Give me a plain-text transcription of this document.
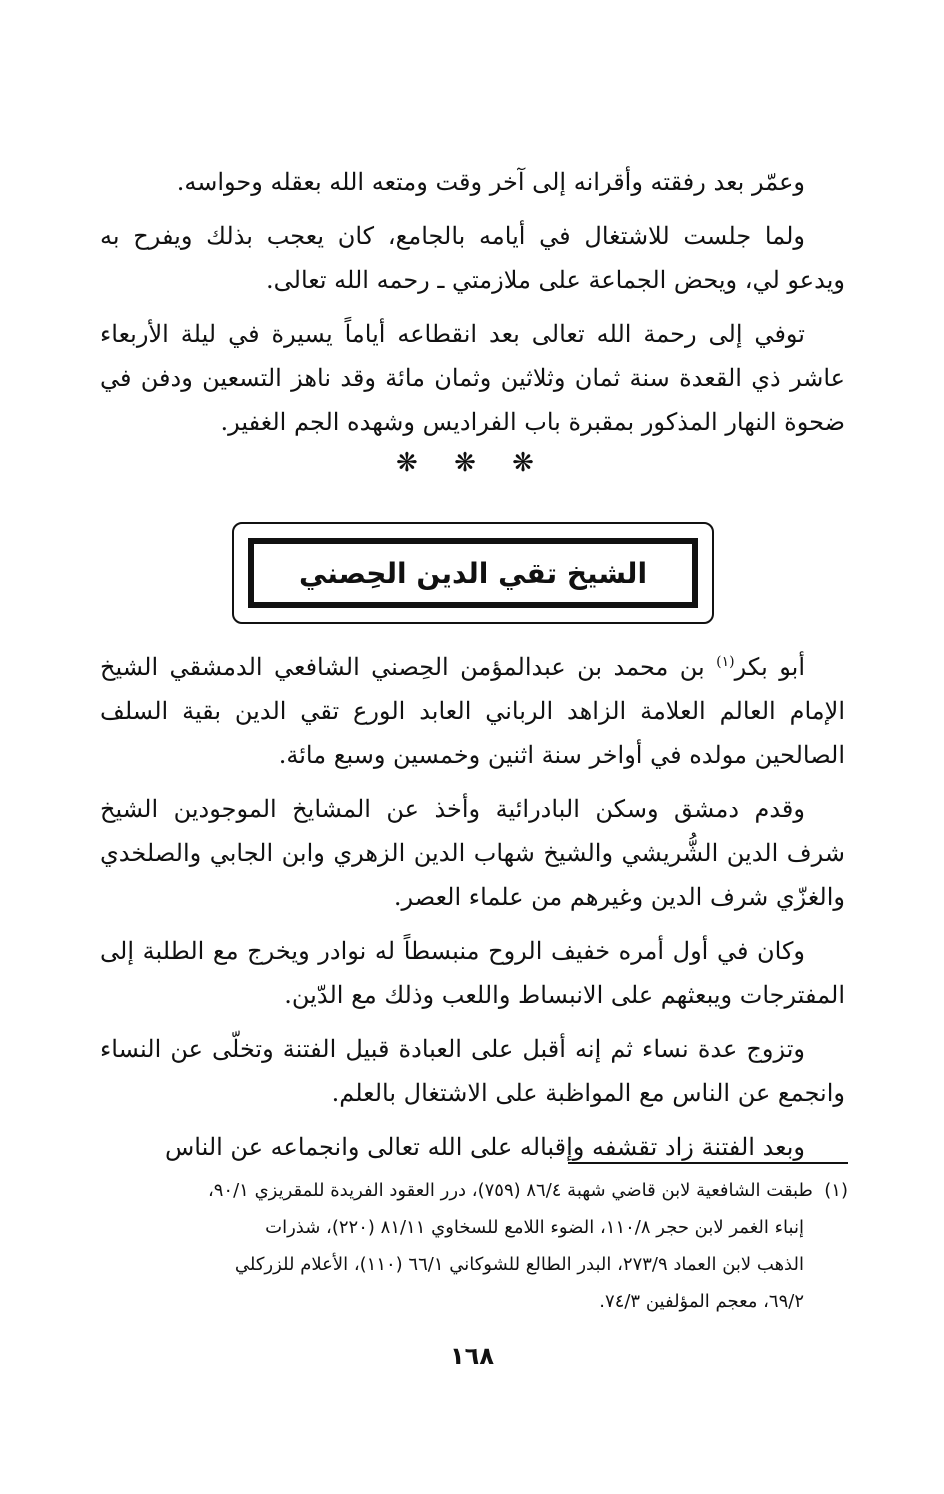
وعمّر بعد رفقته وأقرانه إلى آخر وقت ومتعه الله بعقله وحواسه.

ولما جلست للاشتغال في أيامه بالجامع، كان يعجب بذلك ويفرح به ويدعو لي، ويحض الجماعة على ملازمتي ـ رحمه الله تعالى.

توفي إلى رحمة الله تعالى بعد انقطاعه أياماً يسيرة في ليلة الأربعاء عاشر ذي القعدة سنة ثمان وثلاثين وثمان مائة وقد ناهز التسعين ودفن في ضحوة النهار المذكور بمقبرة باب الفراديس وشهده الجم الغفير.

❋ ❋ ❋
الشيخ تقي الدين الحِصني

أبو بكر$^{(١)}$ بن محمد بن عبدالمؤمن الحِصني الشافعي الدمشقي الشيخ الإمام العالم العلامة الزاهد الرباني العابد الورع تقي الدين بقية السلف الصالحين مولده في أواخر سنة اثنين وخمسين وسبع مائة.

وقدم دمشق وسكن البادرائية وأخذ عن المشايخ الموجودين الشيخ شرف الدين الشُّريشي والشيخ شهاب الدين الزهري وابن الجابي والصلخدي والغزّي شرف الدين وغيرهم من علماء العصر.

وكان في أول أمره خفيف الروح منبسطاً له نوادر ويخرج مع الطلبة إلى المفترجات ويبعثهم على الانبساط واللعب وذلك مع الدّين.

وتزوج عدة نساء ثم إنه أقبل على العبادة قبيل الفتنة وتخلّى عن النساء وانجمع عن الناس مع المواظبة على الاشتغال بالعلم.

وبعد الفتنة زاد تقشفه وإقباله على الله تعالى وانجماعه عن الناس

(١)  طبقت الشافعية لابن قاضي شهبة ٨٦/٤ (٧٥٩)، درر العقود الفريدة للمقريزي ٩٠/١،
إنباء الغمر لابن حجر ١١٠/٨، الضوء اللامع للسخاوي ٨١/١١ (٢٢٠)، شذرات
الذهب لابن العماد ٢٧٣/٩، البدر الطالع للشوكاني ٦٦/١ (١١٠)، الأعلام للزركلي
٦٩/٢، معجم المؤلفين ٧٤/٣.
١٦٨
